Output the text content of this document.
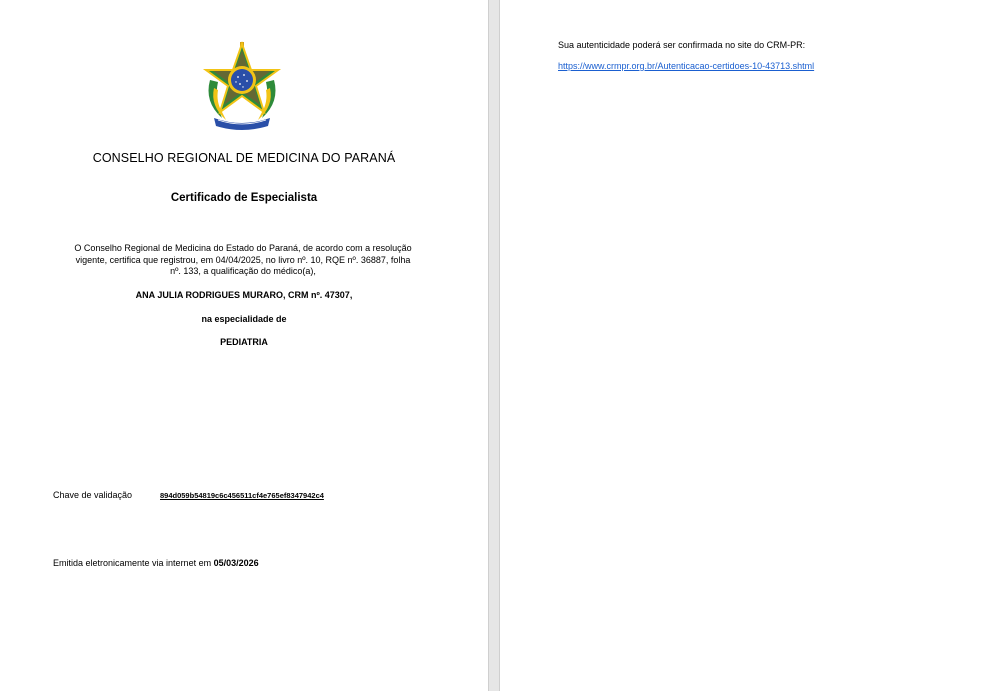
CONSELHO REGIONAL DE MEDICINA DO PARANÁ
Certificado de Especialista
O Conselho Regional de Medicina do Estado do Paraná, de acordo com a resolução
vigente, certifica que registrou, em 04/04/2025, no livro nº. 10, RQE nº. 36887, folha
nº. 133, a qualificação do médico(a),
ANA JULIA RODRIGUES MURARO, CRM nº. 47307,
na especialidade de
PEDIATRIA
Chave de validação	894d059b54819c6c456511cf4e765ef8347942c4
Emitida eletronicamente via internet em 05/03/2026
Sua autenticidade poderá ser confirmada no site do CRM-PR:
https://www.crmpr.org.br/Autenticacao-certidoes-10-43713.shtml
